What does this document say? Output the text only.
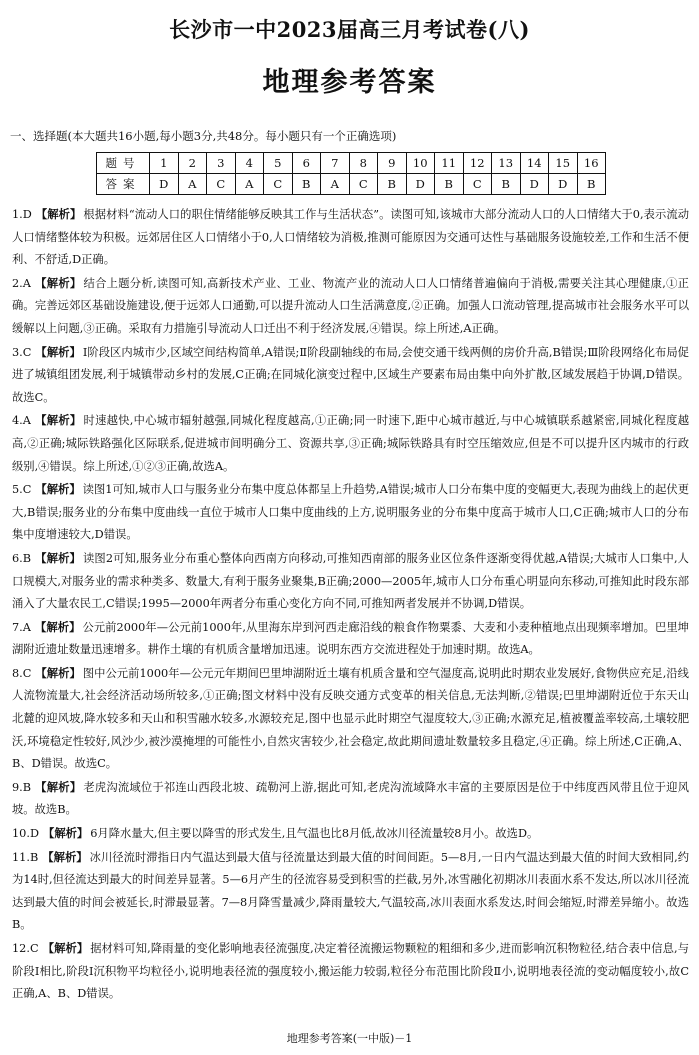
长沙市一中2023届高三月考试卷(八)
地理参考答案
一、选择题(本大题共16小题,每小题3分,共48分。每小题只有一个正确选项)
题号	1	2	3	4	5	6	7	8	9	10	11	12	13	14	15	16
答案	D	A	C	A	C	B	A	C	B	D	B	C	B	D	D	B

1.D 【解析】 根据材料“流动人口的职住情绪能够反映其工作与生活状态”。读图可知,该城市大部分流动人口的人口情绪大于0,表示流动人口情绪整体较为积极。远郊居住区人口情绪小于0,人口情绪较为消极,推测可能原因为交通可达性与基础服务设施较差,工作和生活不便利、不舒适,D正确。

2.A 【解析】 结合上题分析,读图可知,高新技术产业、工业、物流产业的流动人口人口情绪普遍偏向于消极,需要关注其心理健康,①正确。完善远郊区基础设施建设,便于远郊人口通勤,可以提升流动人口生活满意度,②正确。加强人口流动管理,提高城市社会服务水平可以缓解以上问题,③正确。采取有力措施引导流动人口迁出不利于经济发展,④错误。综上所述,A正确。

3.C 【解析】 Ⅰ阶段区内城市少,区域空间结构简单,A错误;Ⅱ阶段副轴线的布局,会使交通干线两侧的房价升高,B错误;Ⅲ阶段网络化布局促进了城镇组团发展,利于城镇带动乡村的发展,C正确;在同城化演变过程中,区域生产要素布局由集中向外扩散,区域发展趋于协调,D错误。故选C。

4.A 【解析】 时速越快,中心城市辐射越强,同城化程度越高,①正确;同一时速下,距中心城市越近,与中心城镇联系越紧密,同城化程度越高,②正确;城际铁路强化区际联系,促进城市间明确分工、资源共享,③正确;城际铁路具有时空压缩效应,但是不可以提升区内城市的行政级别,④错误。综上所述,①②③正确,故选A。

5.C 【解析】 读图1可知,城市人口与服务业分布集中度总体都呈上升趋势,A错误;城市人口分布集中度的变幅更大,表现为曲线上的起伏更大,B错误;服务业的分布集中度曲线一直位于城市人口集中度曲线的上方,说明服务业的分布集中度高于城市人口,C正确;城市人口的分布集中度增速较大,D错误。

6.B 【解析】 读图2可知,服务业分布重心整体向西南方向移动,可推知西南部的服务业区位条件逐渐变得优越,A错误;大城市人口集中,人口规模大,对服务业的需求种类多、数量大,有利于服务业聚集,B正确;2000—2005年,城市人口分布重心明显向东移动,可推知此时段东部涌入了大量农民工,C错误;1995—2000年两者分布重心变化方向不同,可推知两者发展并不协调,D错误。

7.A 【解析】 公元前2000年—公元前1000年,从里海东岸到河西走廊沿线的粮食作物粟黍、大麦和小麦种植地点出现频率增加。巴里坤湖附近遗址数量迅速增多。耕作土壤的有机质含量增加迅速。说明东西方交流进程处于加速时期。故选A。

8.C 【解析】 图中公元前1000年—公元元年期间巴里坤湖附近土壤有机质含量和空气湿度高,说明此时期农业发展好,食物供应充足,沿线人流物流量大,社会经济活动场所较多,①正确;图文材料中没有反映交通方式变革的相关信息,无法判断,②错误;巴里坤湖附近位于东天山北麓的迎风坡,降水较多和天山和积雪融水较多,水源较充足,图中也显示此时期空气湿度较大,③正确;水源充足,植被覆盖率较高,土壤较肥沃,环境稳定性较好,风沙少,被沙漠掩埋的可能性小,自然灾害较少,社会稳定,故此期间遗址数量较多且稳定,④正确。综上所述,C正确,A、B、D错误。故选C。

9.B 【解析】 老虎沟流域位于祁连山西段北坡、疏勒河上游,据此可知,老虎沟流域降水丰富的主要原因是位于中纬度西风带且位于迎风坡。故选B。

10.D 【解析】 6月降水量大,但主要以降雪的形式发生,且气温也比8月低,故冰川径流量较8月小。故选D。

11.B 【解析】 冰川径流时滞指日内气温达到最大值与径流量达到最大值的时间间距。5—8月,一日内气温达到最大值的时间大致相同,约为14时,但径流达到最大的时间差异显著。5—6月产生的径流容易受到积雪的拦截,另外,冰雪融化初期冰川表面水系不发达,所以冰川径流达到最大值的时间会被延长,时滞最显著。7—8月降雪量减少,降雨量较大,气温较高,冰川表面水系发达,时间会缩短,时滞差异缩小。故选B。

12.C 【解析】 据材料可知,降雨量的变化影响地表径流强度,决定着径流搬运物颗粒的粗细和多少,进而影响沉积物粒径,结合表中信息,与阶段Ⅰ相比,阶段Ⅰ沉积物平均粒径小,说明地表径流的强度较小,搬运能力较弱,粒径分布范围比阶段Ⅱ小,说明地表径流的变动幅度较小,故C正确,A、B、D错误。

地理参考答案(一中版)－1
